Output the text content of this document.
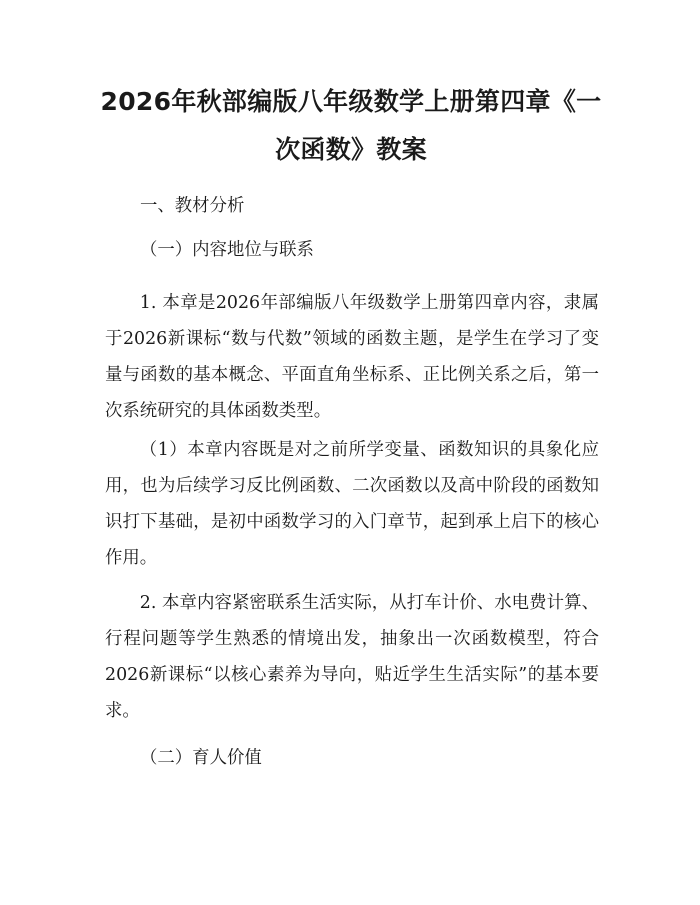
2026年秋部编版八年级数学上册第四章《一次函数》教案

一、教材分析

（一）内容地位与联系

1. 本章是2026年部编版八年级数学上册第四章内容，隶属于2026新课标“数与代数”领域的函数主题，是学生在学习了变量与函数的基本概念、平面直角坐标系、正比例关系之后，第一次系统研究的具体函数类型。

（1）本章内容既是对之前所学变量、函数知识的具象化应用，也为后续学习反比例函数、二次函数以及高中阶段的函数知识打下基础，是初中函数学习的入门章节，起到承上启下的核心作用。

2. 本章内容紧密联系生活实际，从打车计价、水电费计算、行程问题等学生熟悉的情境出发，抽象出一次函数模型，符合2026新课标“以核心素养为导向，贴近学生生活实际”的基本要求。

（二）育人价值
